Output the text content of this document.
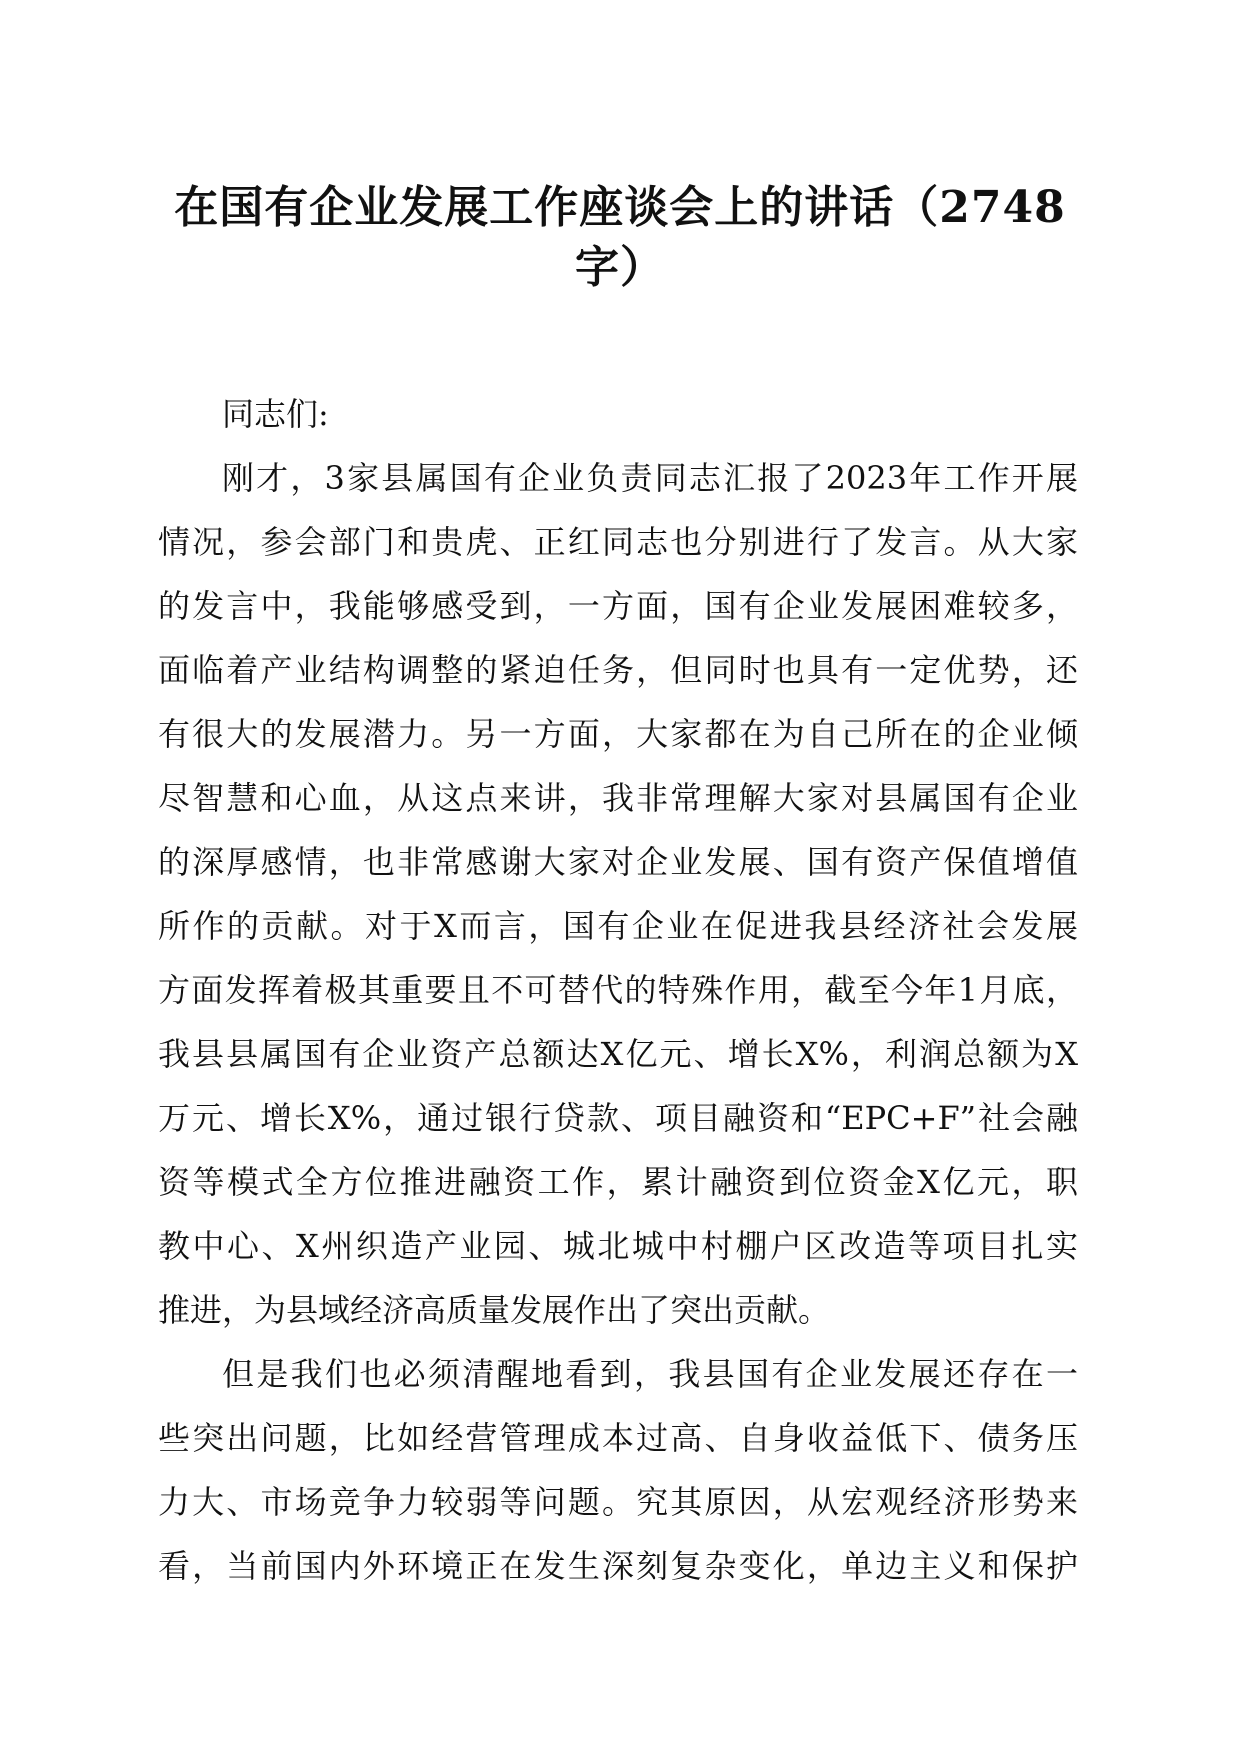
在国有企业发展工作座谈会上的讲话（2748
字）
同志们:
刚才，3家县属国有企业负责同志汇报了2023年工作开展
情况，参会部门和贵虎、正红同志也分别进行了发言。从大家
的发言中，我能够感受到，一方面，国有企业发展困难较多，
面临着产业结构调整的紧迫任务，但同时也具有一定优势，还
有很大的发展潜力。另一方面，大家都在为自己所在的企业倾
尽智慧和心血，从这点来讲，我非常理解大家对县属国有企业
的深厚感情，也非常感谢大家对企业发展、国有资产保值增值
所作的贡献。对于X而言，国有企业在促进我县经济社会发展
方面发挥着极其重要且不可替代的特殊作用，截至今年1月底，
我县县属国有企业资产总额达X亿元、增长X%，利润总额为X
万元、增长X%，通过银行贷款、项目融资和“EPC+F”社会融
资等模式全方位推进融资工作，累计融资到位资金X亿元，职
教中心、X州织造产业园、城北城中村棚户区改造等项目扎实
推进，为县域经济高质量发展作出了突出贡献。
但是我们也必须清醒地看到，我县国有企业发展还存在一
些突出问题，比如经营管理成本过高、自身收益低下、债务压
力大、市场竞争力较弱等问题。究其原因，从宏观经济形势来
看，当前国内外环境正在发生深刻复杂变化，单边主义和保护
